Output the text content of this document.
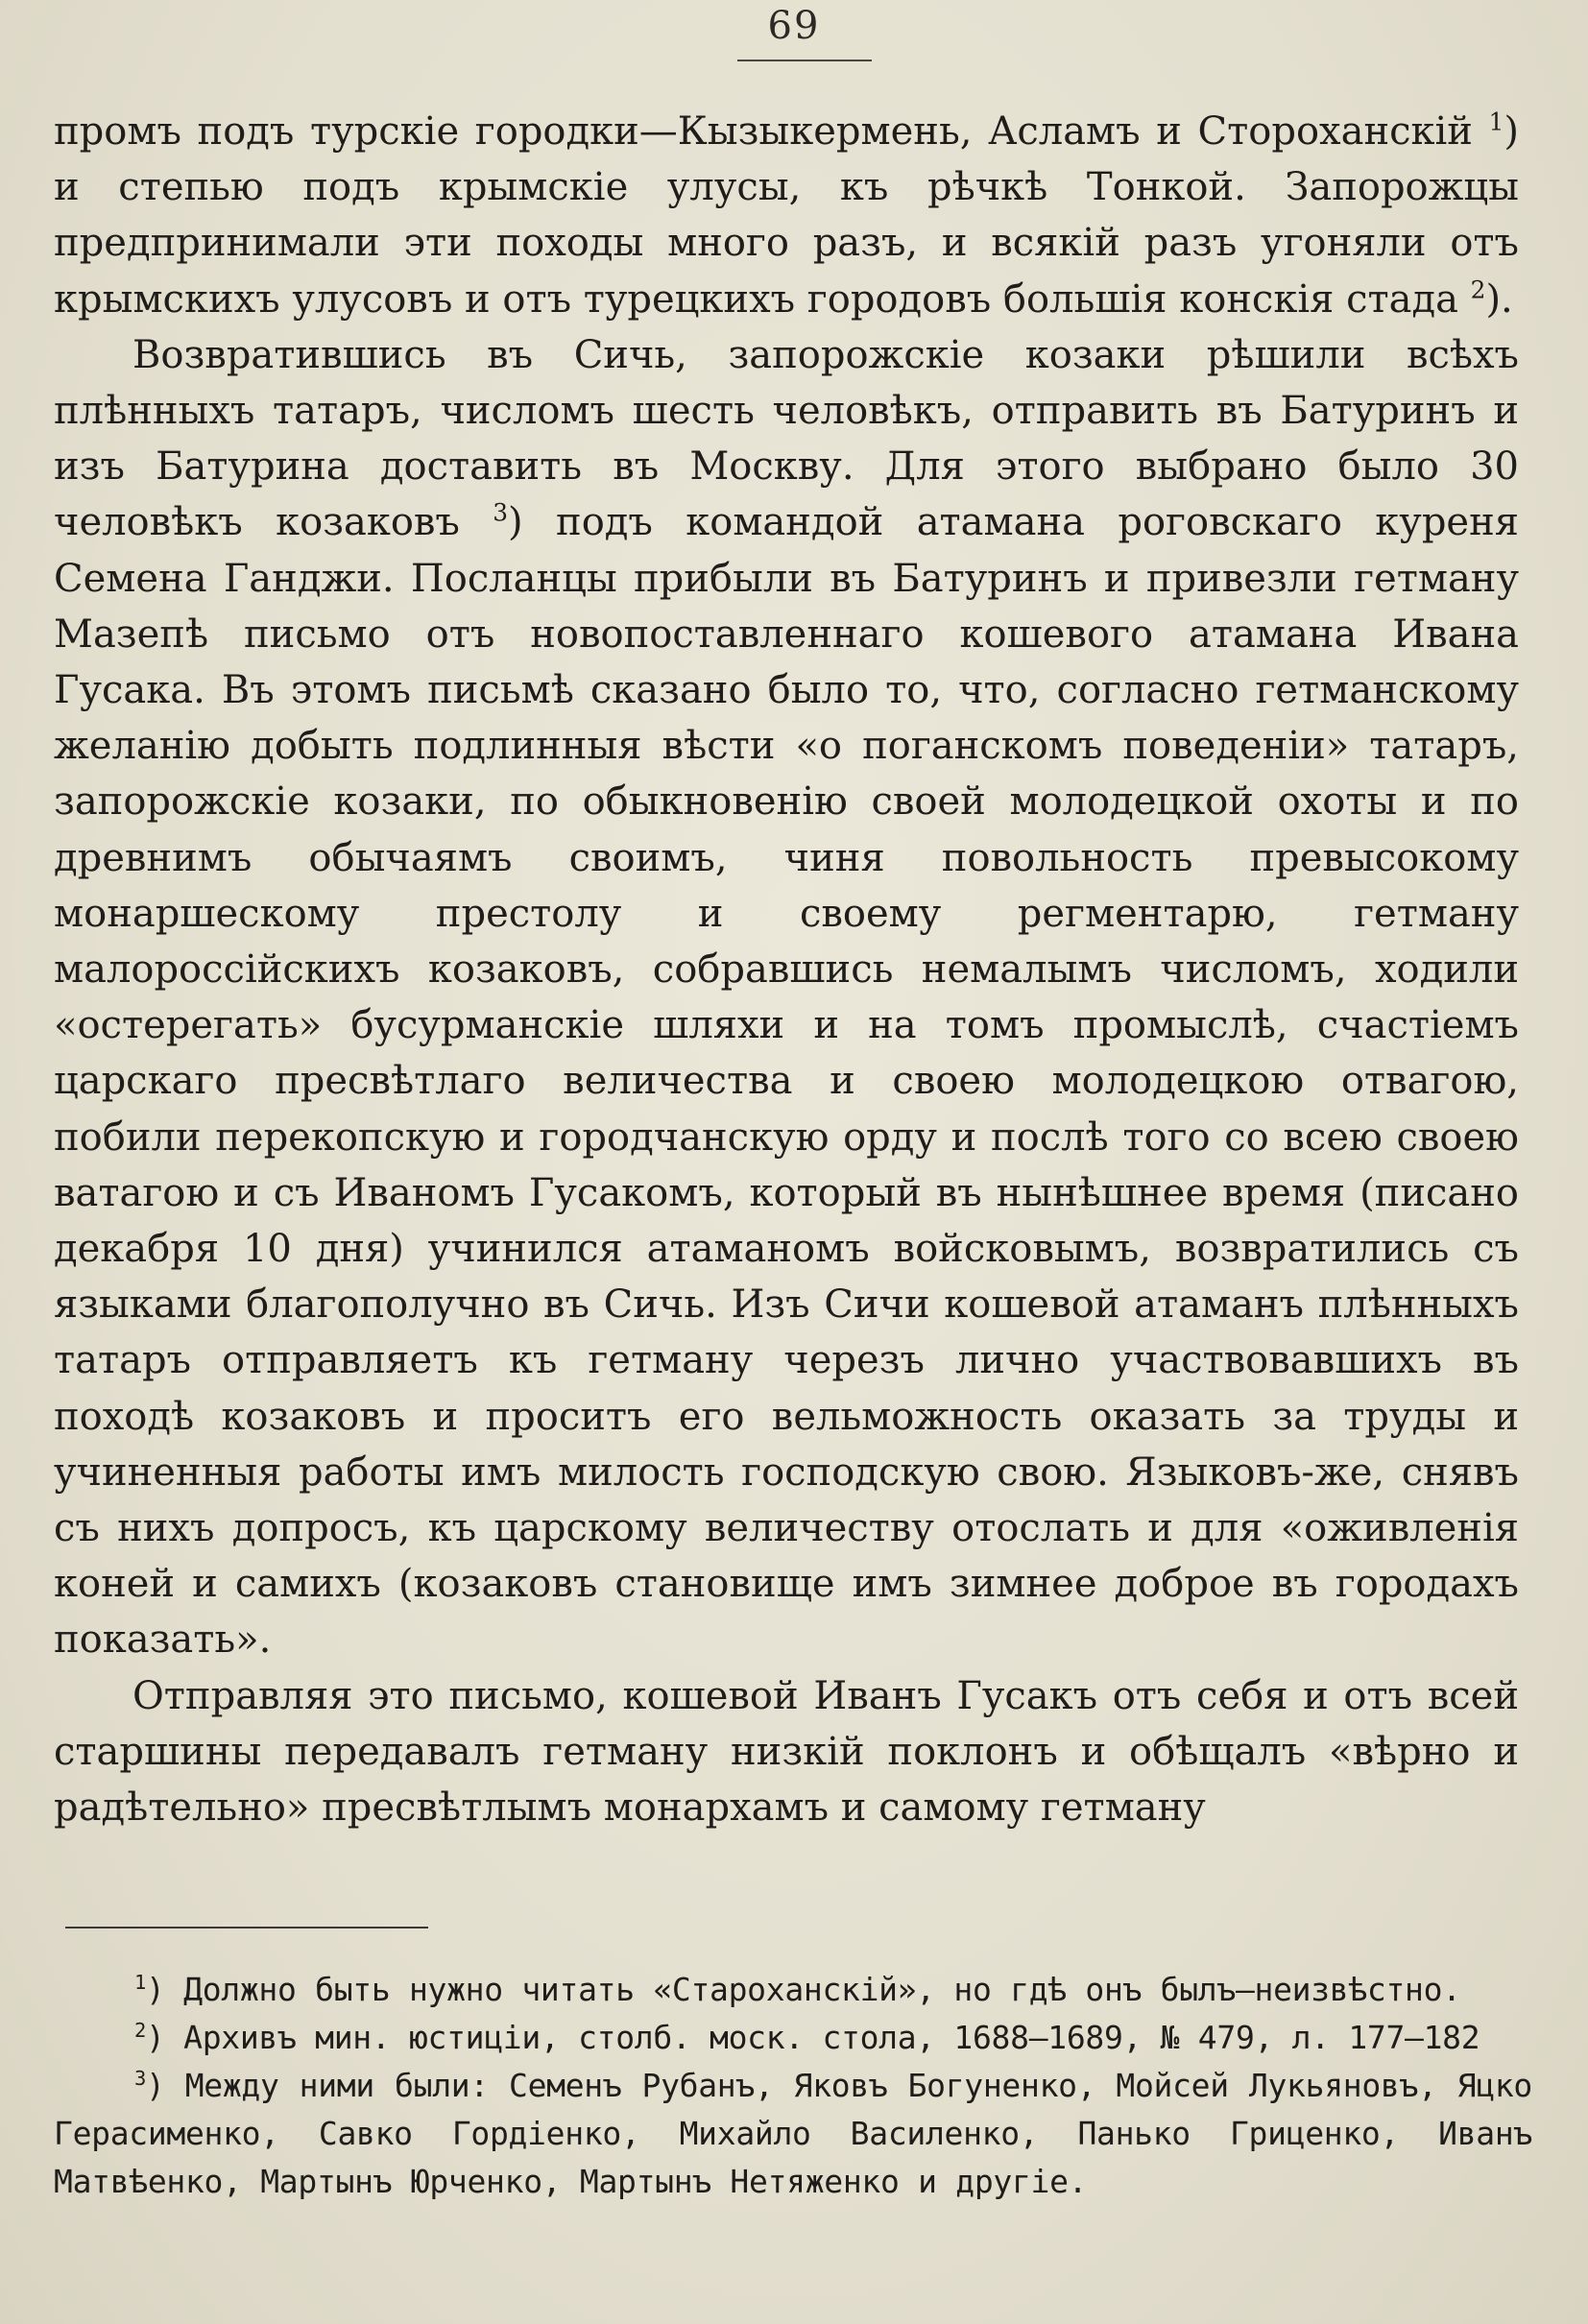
69

промъ подъ турскіе городки—Кызыкермень, Асламъ и Стороханскій $^1$) и степью подъ крымскіе улусы, къ рѣчкѣ Тонкой. Запорожцы предпринимали эти походы много разъ, и всякій разъ угоняли отъ крымскихъ улусовъ и отъ турецкихъ городовъ большія конскія стада $^2$).

Возвратившись въ Сичь, запорожскіе козаки рѣшили всѣхъ плѣнныхъ татаръ, числомъ шесть человѣкъ, отправить въ Батуринъ и изъ Батурина доставить въ Москву. Для этого выбрано было 30 человѣкъ козаковъ $^3$) подъ командой атамана роговскаго куреня Семена Ганджи. Посланцы прибыли въ Батуринъ и привезли гетману Мазепѣ письмо отъ новопоставленнаго кошевого атамана Ивана Гусака. Въ этомъ письмѣ сказано было то, что, согласно гетманскому желанію добыть подлинныя вѣсти «о поганскомъ поведеніи» татаръ, запорожскіе козаки, по обыкновенію своей молодецкой охоты и по древнимъ обычаямъ своимъ, чиня повольность превысокому монаршескому престолу и своему регментарю, гетману малороссійскихъ козаковъ, собравшись немалымъ числомъ, ходили «остерегать» бусурманскіе шляхи и на томъ промыслѣ, счастіемъ царскаго пресвѣтлаго величества и своею молодецкою отвагою, побили перекопскую и городчанскую орду и послѣ того со всею своею ватагою и съ Иваномъ Гусакомъ, который въ нынѣшнее время (писано декабря 10 дня) учинился атаманомъ войсковымъ, возвратились съ языками благополучно въ Сичь. Изъ Сичи кошевой атаманъ плѣнныхъ татаръ отправляетъ къ гетману черезъ лично участвовавшихъ въ походѣ козаковъ и проситъ его вельможность оказать за труды и учиненныя работы имъ милость господскую свою. Языковъ-же, снявъ съ нихъ допросъ, къ царскому величеству отослать и для «оживленія коней и самихъ (козаковъ становище имъ зимнее доброе въ городахъ показать».

Отправляя это письмо, кошевой Иванъ Гусакъ отъ себя и отъ всей старшины передавалъ гетману низкій поклонъ и обѣщалъ «вѣрно и радѣтельно» пресвѣтлымъ монархамъ и самому гетману

$^1$) Должно быть нужно читать «Староханскій», но гдѣ онъ былъ—неизвѣстно.

$^2$) Архивъ мин. юстиціи, столб. моск. стола, 1688—1689, № 479, л. 177—182

$^3$) Между ними были: Семенъ Рубанъ, Яковъ Богуненко, Мойсей Лукьяновъ, Яцко Герасименко, Савко Гордіенко, Михайло Василенко, Панько Гриценко, Иванъ Матвѣенко, Мартынъ Юрченко, Мартынъ Нетяженко и другіе.
